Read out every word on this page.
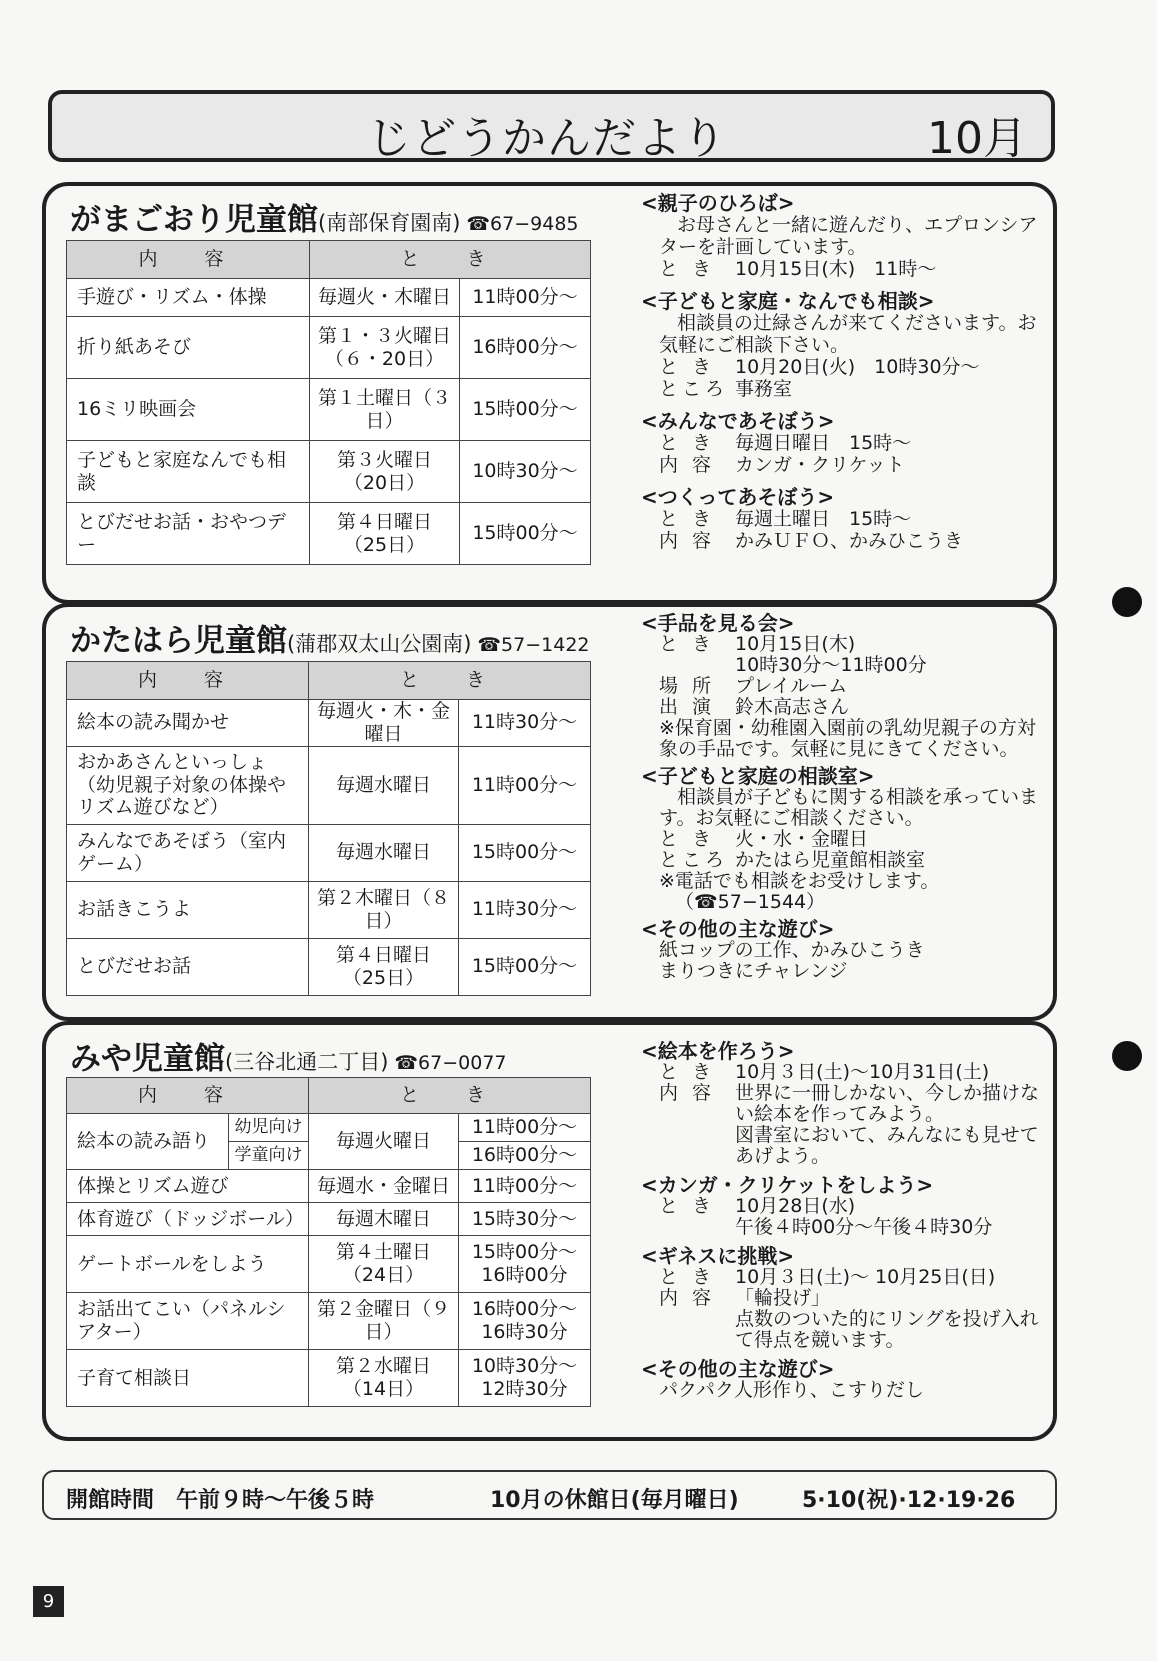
じどうかんだより	10月
がまごおり児童館(南部保育園南) ☎67−9485
内　容	と　き	
手遊び・リズム・体操	毎週火・木曜日	11時00分〜
折り紙あそび	第１・３火曜日（６・20日）	16時00分〜
16ミリ映画会	第１土曜日（３日）	15時00分〜
子どもと家庭なんでも相談	第３火曜日（20日）	10時30分〜
とびだせお話・おやつデー	第４日曜日（25日）	15時00分〜
<親子のひろば>
お母さんと一緒に遊んだり、エプロンシアターを計画しています。
と き	10月15日(木)　11時〜
<子どもと家庭・なんでも相談>
相談員の辻緑さんが来てくださいます。お気軽にご相談下さい。
と き	10月20日(火)　10時30分〜
ところ 事務室
<みんなであそぼう>
と き	毎週日曜日　15時〜
内 容	カンガ・クリケット
<つくってあそぼう>
と き	毎週土曜日　15時〜
内 容	かみＵＦＯ、かみひこうき
かたはら児童館(蒲郡双太山公園南) ☎57−1422
内　容	と　き	
絵本の読み聞かせ	毎週火・木・金曜日	11時30分〜
おかあさんといっしょ（幼児親子対象の体操やリズム遊びなど）	毎週水曜日	11時00分〜
みんなであそぼう（室内ゲーム）	毎週水曜日	15時00分〜
お話きこうよ	第２木曜日（８日）	11時30分〜
とびだせお話	第４日曜日（25日）	15時00分〜
<手品を見る会>
と き	10月15日(木)
10時30分〜11時00分
場 所	プレイルーム
出 演	鈴木高志さん
※保育園・幼稚園入園前の乳幼児親子の方対象の手品です。気軽に見にきてください。
<子どもと家庭の相談室>
相談員が子どもに関する相談を承っています。お気軽にご相談ください。
と き	火・水・金曜日
ところ かたはら児童館相談室
※電話でも相談をお受けします。
（☎57−1544）
<その他の主な遊び>
紙コップの工作、かみひこうき
まりつきにチャレンジ
みや児童館(三谷北通二丁目) ☎67−0077
内　容		と　き	
絵本の読み語り	幼児向け	毎週火曜日	11時00分〜
	学童向け		16時00分〜
体操とリズム遊び		毎週水・金曜日	11時00分〜
体育遊び（ドッジボール）		毎週木曜日	15時30分〜
ゲートボールをしよう		第４土曜日（24日）	15時00分〜16時00分
お話出てこい（パネルシアター）		第２金曜日（９日）	16時00分〜16時30分
子育て相談日		第２水曜日（14日）	10時30分〜12時30分
<絵本を作ろう>
と き	10月３日(土)〜10月31日(土)
内 容	世界に一冊しかない、今しか描けない絵本を作ってみよう。
図書室において、みんなにも見せてあげよう。
<カンガ・クリケットをしよう>
と き	10月28日(水)
午後４時00分〜午後４時30分
<ギネスに挑戦>
と き	10月３日(土)〜 10月25日(日)
内 容	「輪投げ」
点数のついた的にリングを投げ入れて得点を競います。
<その他の主な遊び>
パクパク人形作り、こすりだし
開館時間　午前９時〜午後５時	10月の休館日(毎月曜日)	5·10(祝)·12·19·26
9
